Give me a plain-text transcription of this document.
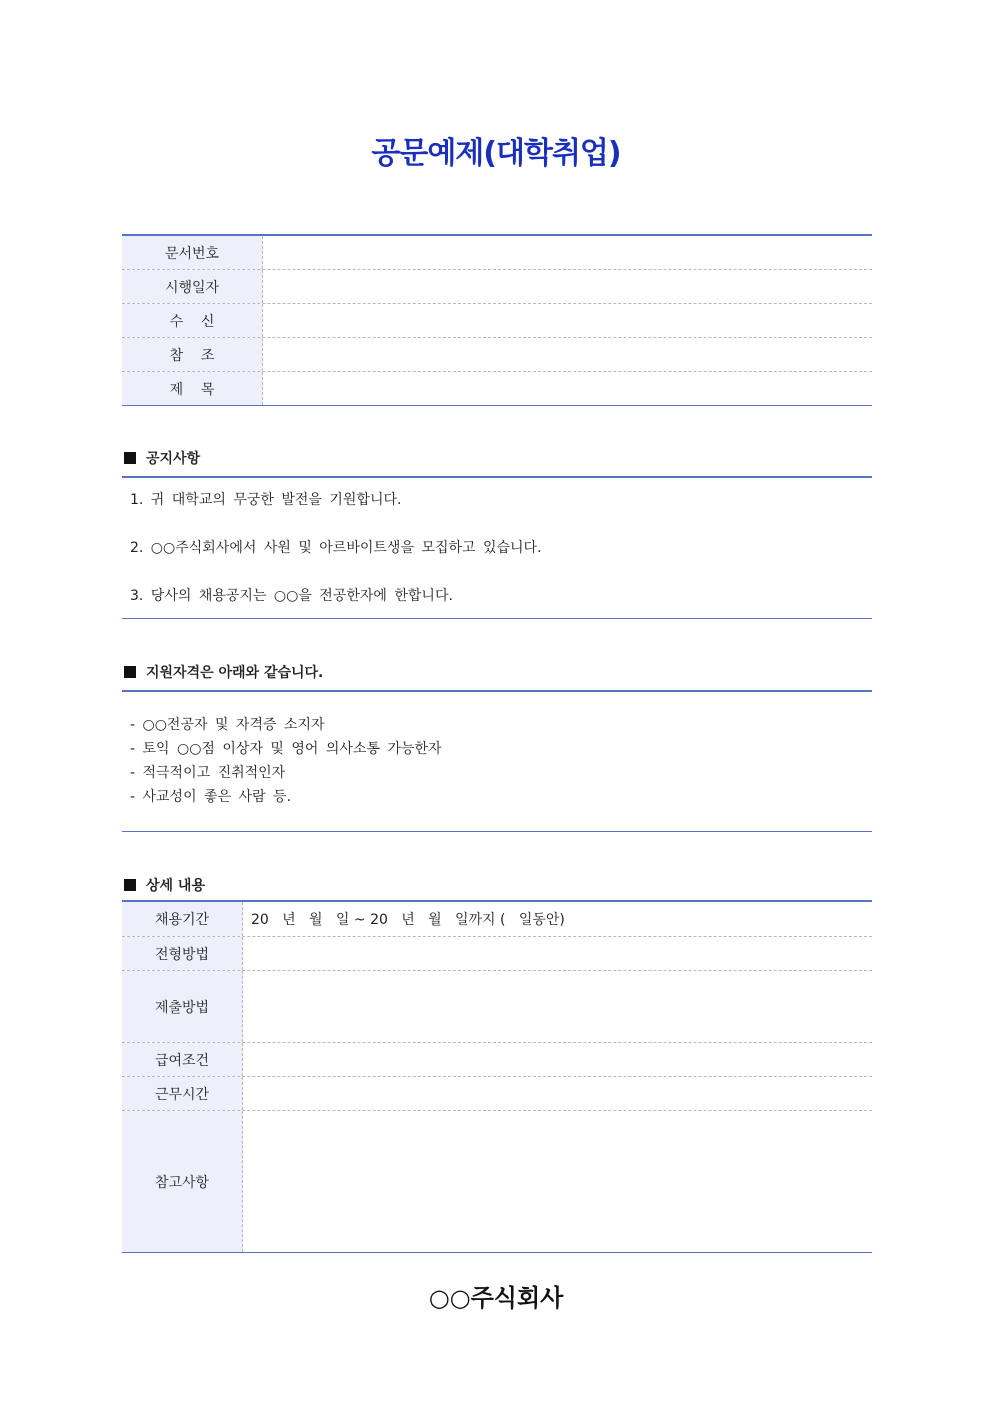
공문예제(대학취업)
문서번호
시행일자
수    신
참    조
제    목
공지사항
1. 귀 대학교의 무궁한 발전을 기원합니다.
2. ○○주식회사에서 사원 및 아르바이트생을 모집하고 있습니다.
3. 당사의 채용공지는 ○○을 전공한자에 한합니다.
지원자격은 아래와 같습니다.
- ○○전공자 및 자격증 소지자
- 토익 ○○점 이상자 및 영어 의사소통 가능한자
- 적극적이고 진취적인자
- 사교성이 좋은 사람 등.
상세 내용
채용기간	20   년   월   일 ~ 20   년   월   일까지 (   일동안)
전형방법
제출방법
급여조건
근무시간
참고사항
○○주식회사
